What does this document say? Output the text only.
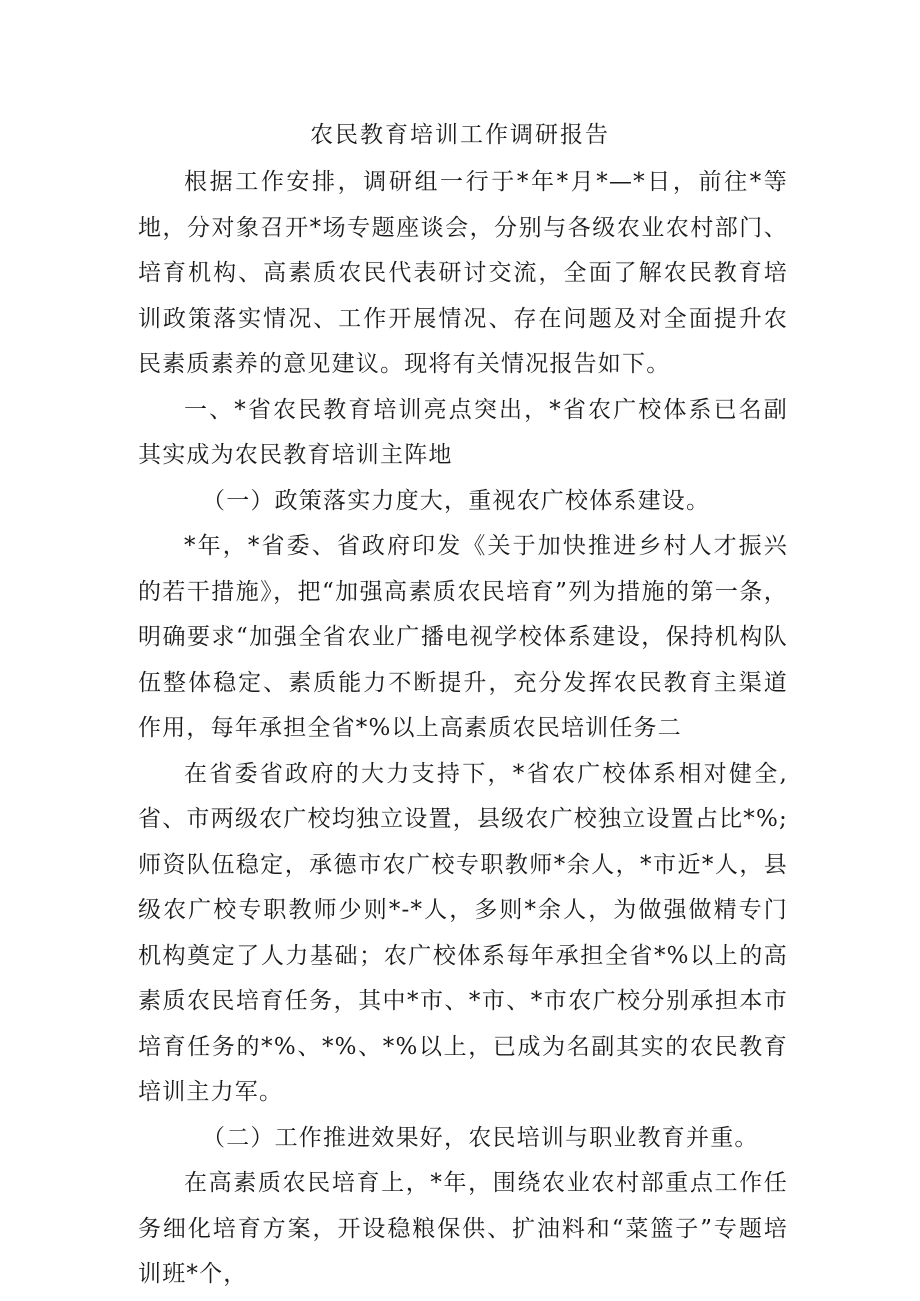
农民教育培训工作调研报告

根据工作安排，调研组一行于*年*月*—*日，前往*等地，分对象召开*场专题座谈会，分别与各级农业农村部门、培育机构、高素质农民代表研讨交流，全面了解农民教育培训政策落实情况、工作开展情况、存在问题及对全面提升农民素质素养的意见建议。现将有关情况报告如下。

一、*省农民教育培训亮点突出，*省农广校体系已名副其实成为农民教育培训主阵地

（一）政策落实力度大，重视农广校体系建设。

*年，*省委、省政府印发《关于加快推进乡村人才振兴的若干措施》，把“加强高素质农民培育”列为措施的第一条，明确要求“加强全省农业广播电视学校体系建设，保持机构队伍整体稳定、素质能力不断提升，充分发挥农民教育主渠道作用，每年承担全省*%以上高素质农民培训任务二

在省委省政府的大力支持下，*省农广校体系相对健全,省、市两级农广校均独立设置，县级农广校独立设置占比*%;师资队伍稳定，承德市农广校专职教师*余人，*市近*人，县级农广校专职教师少则*-*人，多则*余人，为做强做精专门机构奠定了人力基础；农广校体系每年承担全省*%以上的高素质农民培育任务，其中*市、*市、*市农广校分别承担本市培育任务的*%、*%、*%以上，已成为名副其实的农民教育培训主力军。

（二）工作推进效果好，农民培训与职业教育并重。

在高素质农民培育上，*年，围绕农业农村部重点工作任务细化培育方案，开设稳粮保供、扩油料和“菜篮子”专题培训班*个，
